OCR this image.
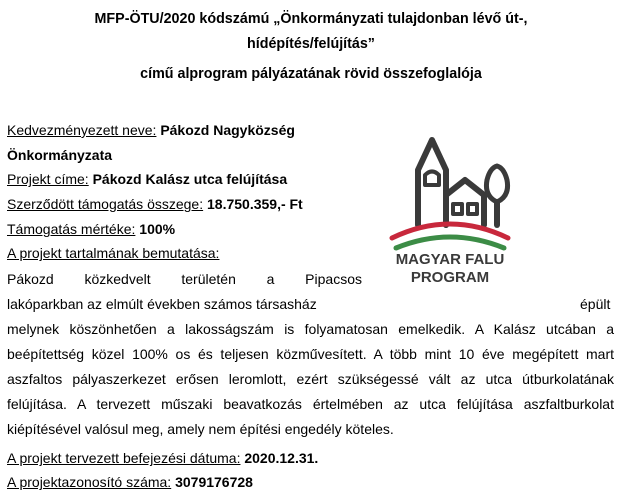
MFP-ÖTU/2020 kódszámú „Önkormányzati tulajdonban lévő út-,
hídépítés/felújítás”
című alprogram pályázatának rövid összefoglalója
Kedvezményezett neve: Pákozd Nagyközség
Önkormányzata
Projekt címe: Pákozd Kalász utca felújítása
Szerződött támogatás összege: 18.750.359,- Ft
Támogatás mértéke: 100%
A projekt tartalmának bemutatása:
Pákozd közkedvelt területén a Pipacsos
lakóparkban az elmúlt években számos társasház	épült
melynek köszönhetően a lakosságszám is folyamatosan emelkedik. A Kalász utcában a beépítettség közel 100% os és teljesen közművesített. A több mint 10 éve megépített mart aszfaltos pályaszerkezet erősen leromlott, ezért szükségessé vált az utca útburkolatának felújítása. A tervezett műszaki beavatkozás értelmében az utca felújítása aszfaltburkolat kiépítésével valósul meg, amely nem építési engedély köteles.
A projekt tervezett befejezési dátuma: 2020.12.31.
A projektazonosító száma: 3079176728
MAGYAR FALU
PROGRAM
